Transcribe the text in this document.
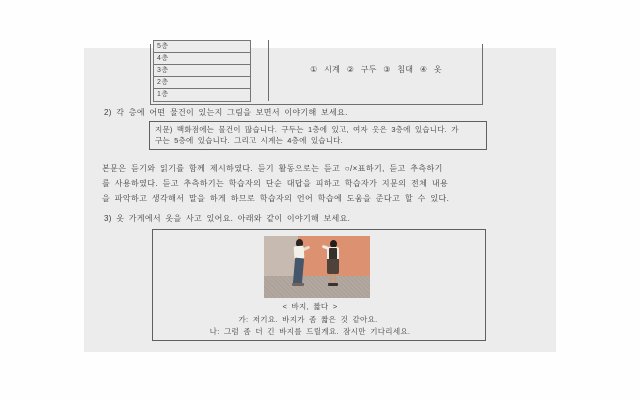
① 시계 ② 구두 ③ 침대 ④ 옷
5층
4층
3층
2층
1층
2) 각 층에 어떤 물건이 있는지 그림을 보면서 이야기해 보세요.
지문) 백화점에는 물건이 많습니다. 구두는 1층에 있고, 여자 옷은 3층에 있습니다. 가
구는 5층에 있습니다. 그리고 시계는 4층에 있습니다.
본문은 듣기와 읽기를 함께 제시하였다. 듣기 활동으로는 듣고 ○/×표하기, 듣고 추측하기
를 사용하였다. 듣고 추측하기는 학습자의 단순 대답을 피하고 학습자가 지문의 전체 내용
을 파악하고 생각해서 말을 하게 하므로 학습자의 언어 학습에 도움을 준다고 할 수 있다.
3) 옷 가게에서 옷을 사고 있어요. 아래와 같이 이야기해 보세요.
< 바지, 짧다 >
가: 저기요. 바지가 좀 짧은 것 같아요.
나: 그럼 좀 더 긴 바지를 드릴게요. 잠시만 기다리세요.
